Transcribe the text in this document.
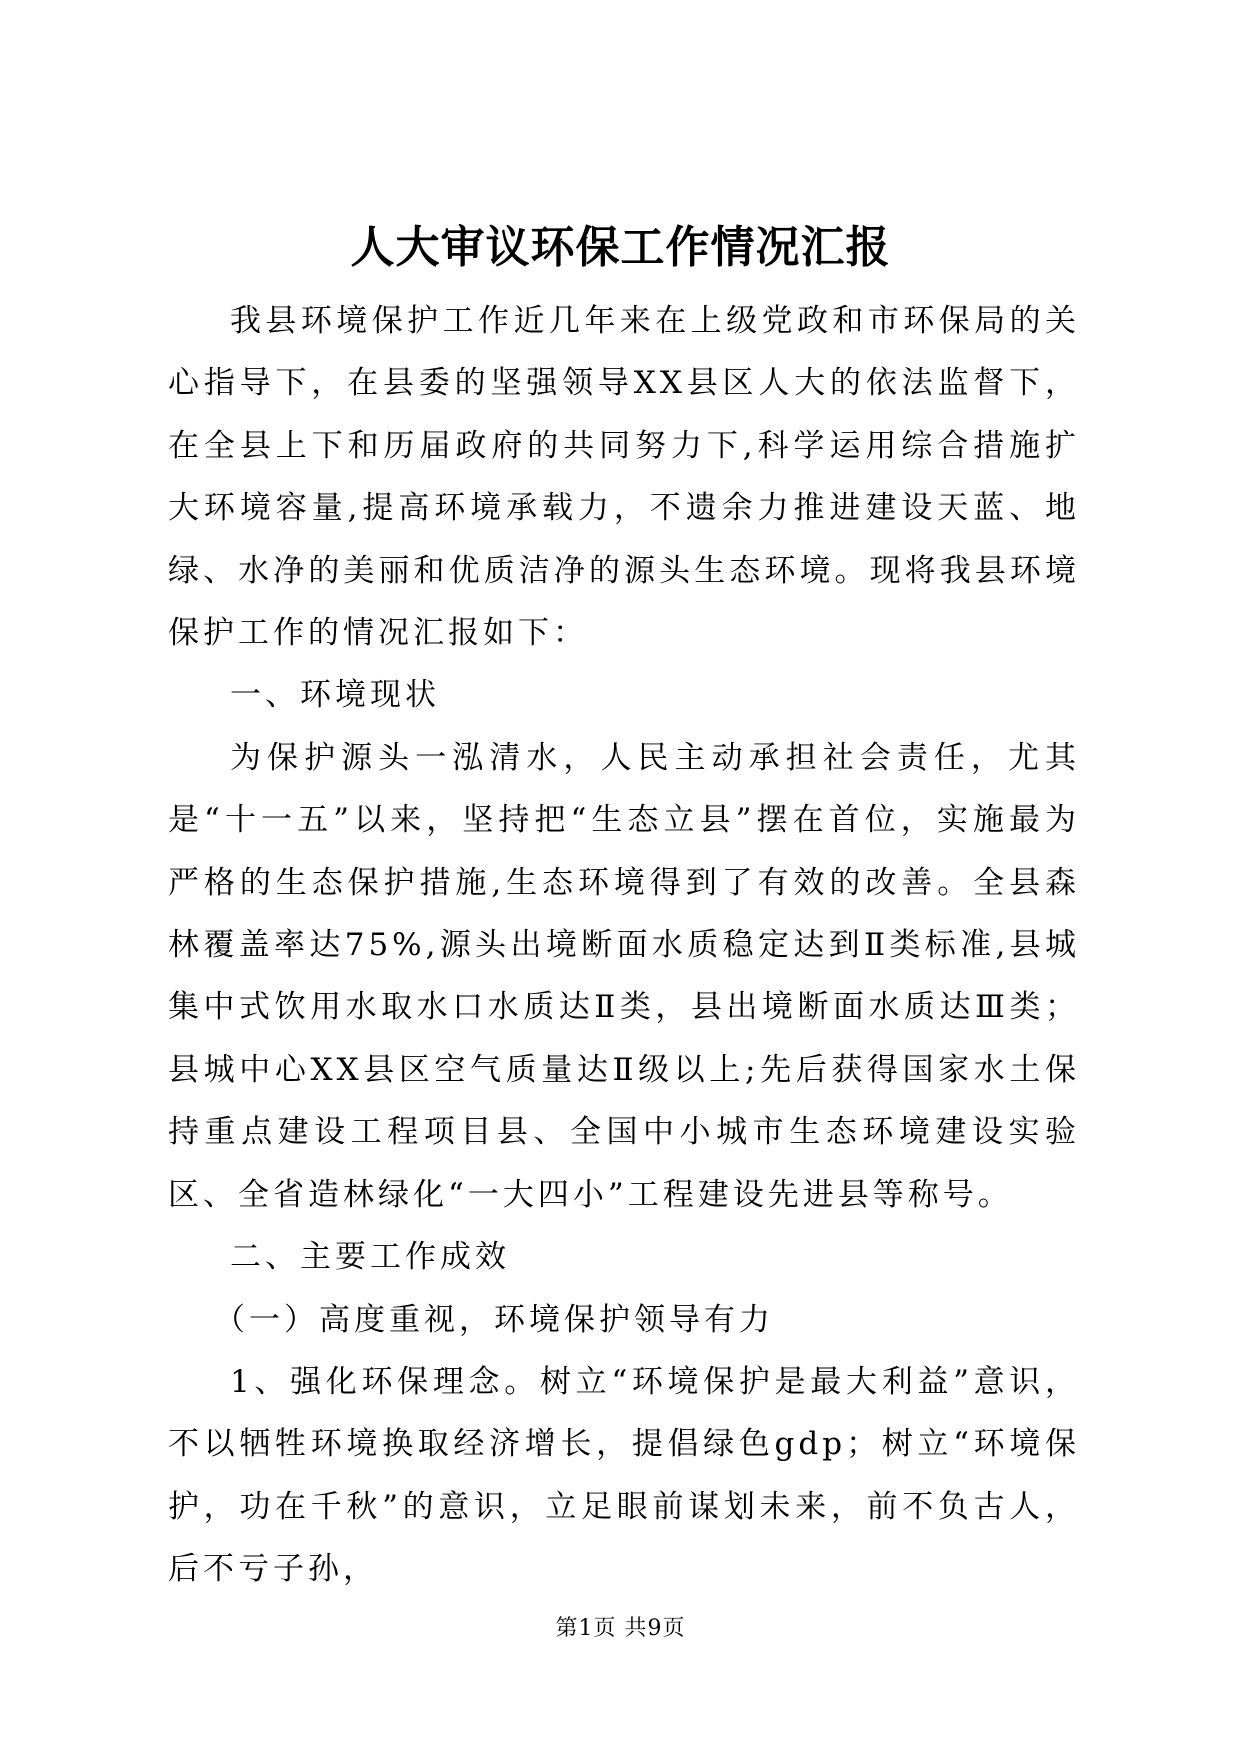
人大审议环保工作情况汇报

我县环境保护工作近几年来在上级党政和市环保局的关心指导下，在县委的坚强领导XX县区人大的依法监督下，在全县上下和历届政府的共同努力下,科学运用综合措施扩大环境容量,提高环境承载力，不遗余力推进建设天蓝、地绿、水净的美丽和优质洁净的源头生态环境。现将我县环境保护工作的情况汇报如下：

一、环境现状

为保护源头一泓清水，人民主动承担社会责任，尤其是“十一五”以来，坚持把“生态立县”摆在首位，实施最为严格的生态保护措施,生态环境得到了有效的改善。全县森林覆盖率达75%,源头出境断面水质稳定达到Ⅱ类标准,县城集中式饮用水取水口水质达Ⅱ类，县出境断面水质达Ⅲ类；县城中心XX县区空气质量达Ⅱ级以上;先后获得国家水土保持重点建设工程项目县、全国中小城市生态环境建设实验区、全省造林绿化“一大四小”工程建设先进县等称号。

二、主要工作成效

（一）高度重视，环境保护领导有力

1、强化环保理念。树立“环境保护是最大利益”意识，不以牺牲环境换取经济增长，提倡绿色gdp；树立“环境保护，功在千秋”的意识，立足眼前谋划未来，前不负古人，后不亏子孙，

第1页 共9页
